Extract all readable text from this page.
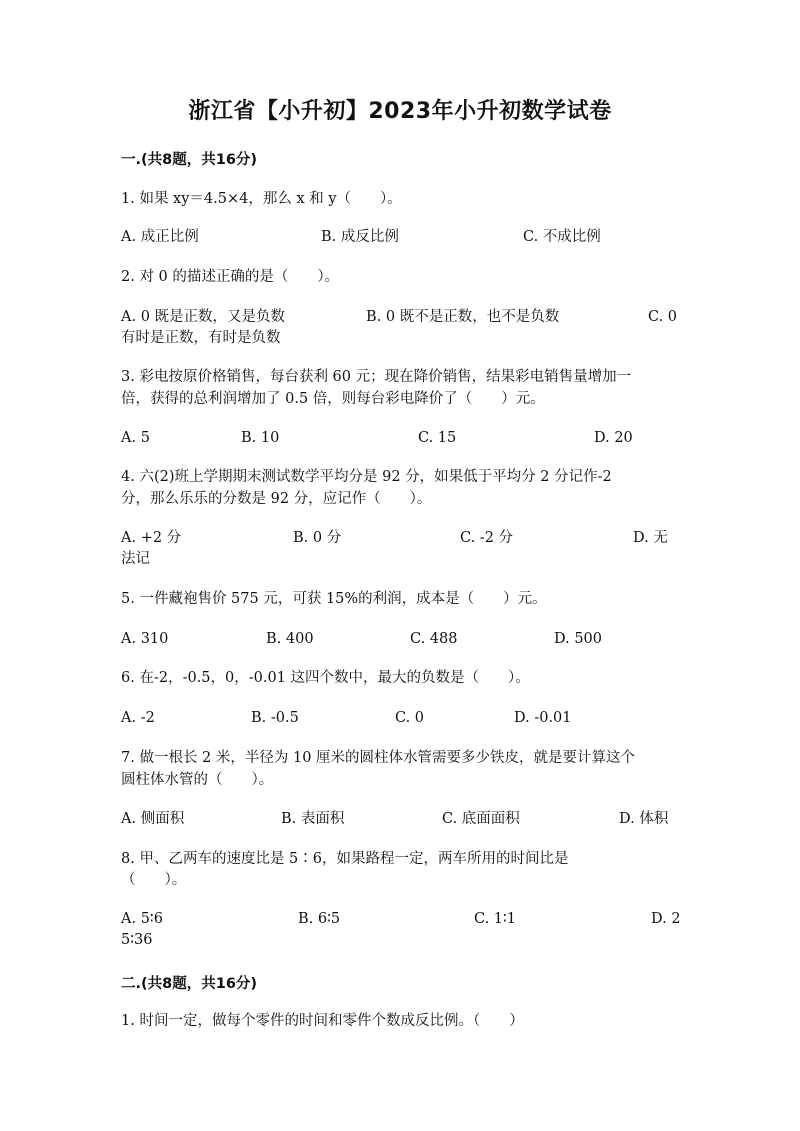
浙江省【小升初】2023年小升初数学试卷
一.(共8题，共16分)
1. 如果 xy＝4.5×4，那么 x 和 y（　　）。
A. 成正比例	B. 成反比例	C. 不成比例
2. 对 0 的描述正确的是（　　）。
A. 0 既是正数，又是负数	B. 0 既不是正数，也不是负数	C. 0
有时是正数，有时是负数
3. 彩电按原价格销售，每台获利 60 元；现在降价销售，结果彩电销售量增加一
倍，获得的总利润增加了 0.5 倍，则每台彩电降价了（　　）元。
A. 5	B. 10	C. 15	D. 20
4. 六(2)班上学期期末测试数学平均分是 92 分，如果低于平均分 2 分记作-2
分，那么乐乐的分数是 92 分，应记作（　　）。
A. +2 分	B. 0 分	C. -2 分	D. 无
法记
5. 一件藏袍售价 575 元，可获 15%的利润，成本是（　　）元。
A. 310	B. 400	C. 488	D. 500
6. 在-2，-0.5，0，-0.01 这四个数中，最大的负数是（　　）。
A. -2	B. -0.5	C. 0	D. -0.01
7. 做一根长 2 米，半径为 10 厘米的圆柱体水管需要多少铁皮，就是要计算这个
圆柱体水管的（　　）。
A. 侧面积	B. 表面积	C. 底面面积	D. 体积
8. 甲、乙两车的速度比是 5∶6，如果路程一定，两车所用的时间比是
（　　）。
A. 5∶6	B. 6∶5	C. 1∶1	D. 2
5∶36
二.(共8题，共16分)
1. 时间一定，做每个零件的时间和零件个数成反比例。（　　）
